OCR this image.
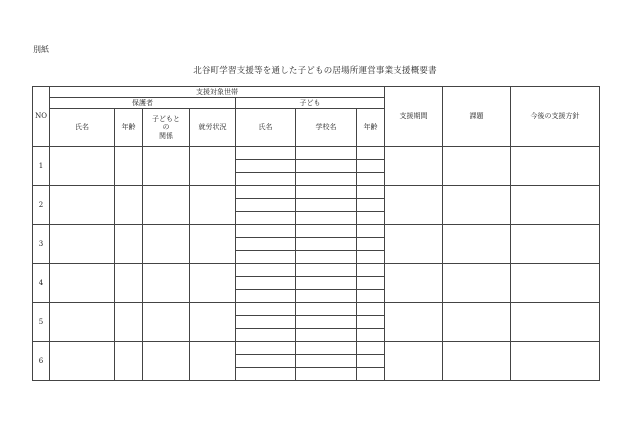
別紙
北谷町学習支援等を通した子どもの居場所運営事業支援概要書
NO	支援対象世帯							支援期間	課題	今後の支援方針
	保護者				子ども					
	氏名	年齢	子どもと
の
関係	就労状況	氏名	学校名	年齢			
1										

2										

3										

4										

5										

6										
